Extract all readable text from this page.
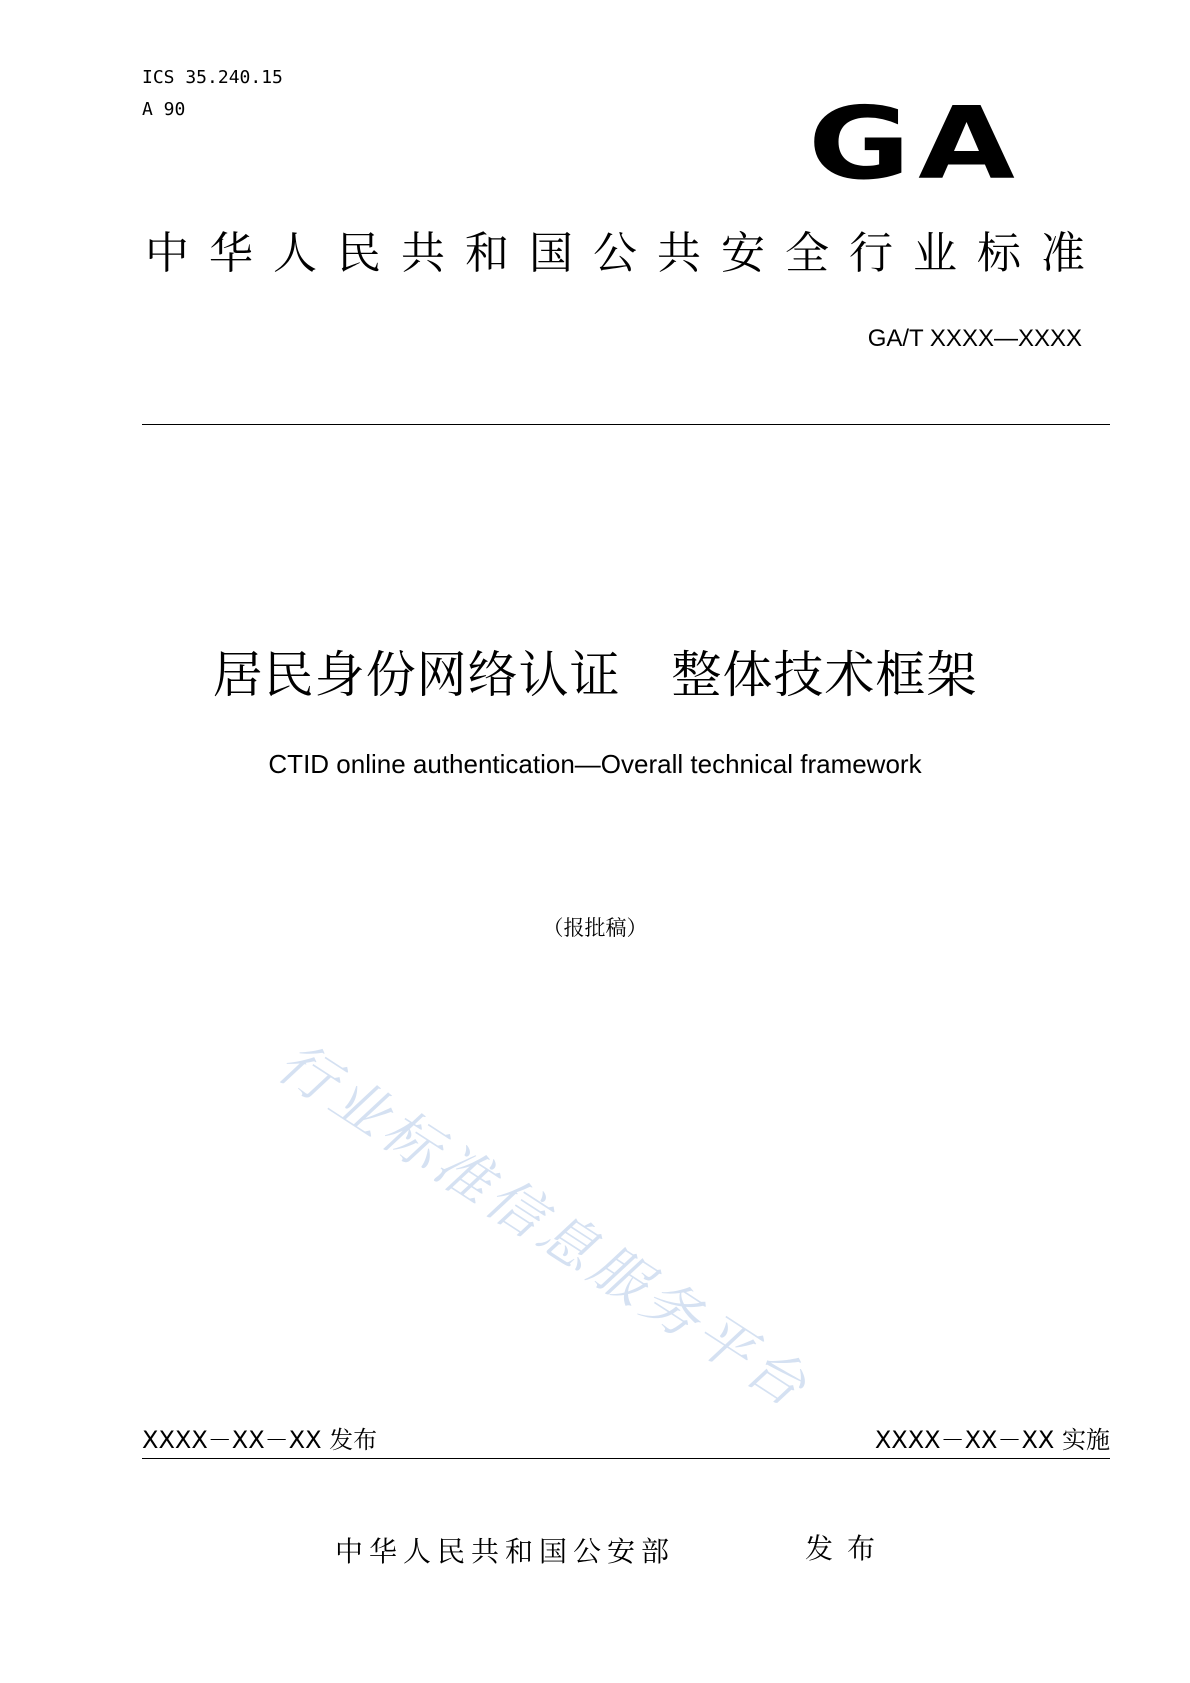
ICS 35.240.15
A 90	GA
中华人民共和国公共安全行业标准
GA/T XXXX—XXXX
居民身份网络认证   整体技术框架
CTID online authentication—Overall technical framework
（报批稿）
行业标准信息服务平台
XXXX－XX－XX 发布	XXXX－XX－XX 实施
中华人民共和国公安部	发布
